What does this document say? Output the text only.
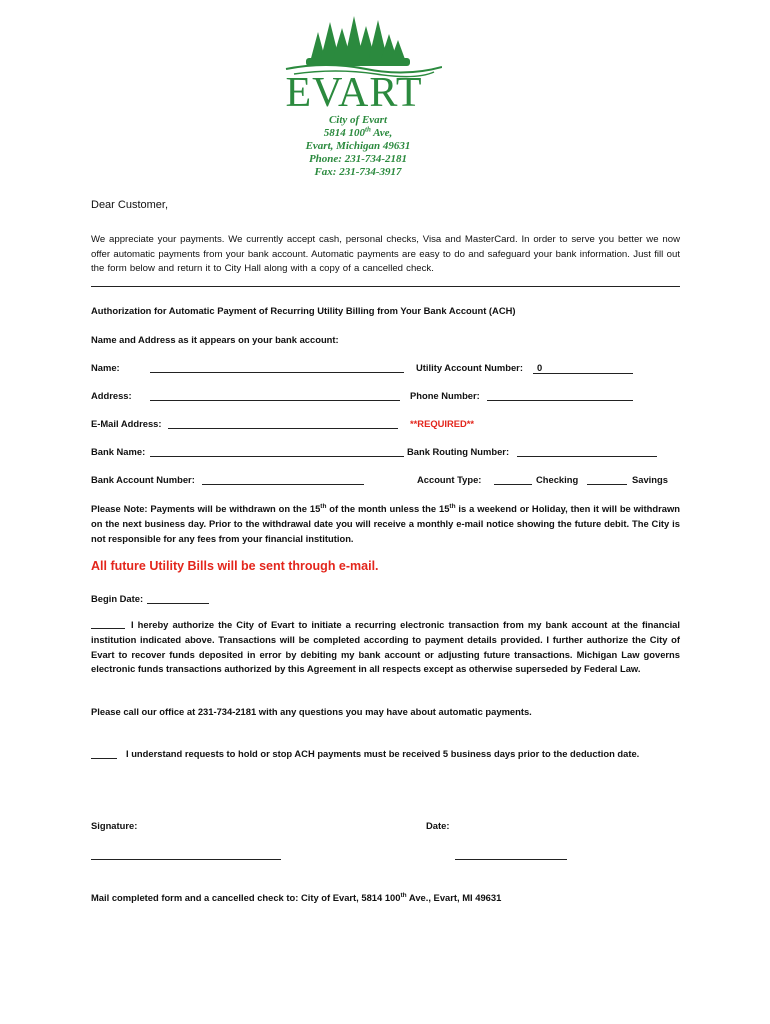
EVART
City of Evart
5814 100th Ave,
Evart, Michigan 49631
Phone: 231-734-2181
Fax: 231-734-3917
Dear Customer,
We appreciate your payments. We currently accept cash, personal checks, Visa and MasterCard. In order to serve you better we now offer automatic payments from your bank account. Automatic payments are easy to do and safeguard your bank information. Just fill out the form below and return it to City Hall along with a copy of a cancelled check.
Authorization for Automatic Payment of Recurring Utility Billing from Your Bank Account (ACH)
Name and Address as it appears on your bank account:
Name:	Utility Account Number:	0
Address:	Phone Number:
E-Mail Address:	**REQUIRED**
Bank Name:	Bank Routing Number:
Bank Account Number:	Account Type:	Checking	Savings
Please Note: Payments will be withdrawn on the 15th of the month unless the 15th is a weekend or Holiday, then it will be withdrawn on the next business day. Prior to the withdrawal date you will receive a monthly e-mail notice showing the future debit. The City is not responsible for any fees from your financial institution.
All future Utility Bills will be sent through e-mail.
Begin Date:
I hereby authorize the City of Evart to initiate a recurring electronic transaction from my bank account at the financial institution indicated above. Transactions will be completed according to payment details provided. I further authorize the City of Evart to recover funds deposited in error by debiting my bank account or adjusting future transactions. Michigan Law governs electronic funds transactions authorized by this Agreement in all respects except as otherwise superseded by Federal Law.
Please call our office at 231-734-2181 with any questions you may have about automatic payments.
I understand requests to hold or stop ACH payments must be received 5 business days prior to the deduction date.
Signature:	Date:
Mail completed form and a cancelled check to: City of Evart, 5814 100th Ave., Evart, MI 49631
